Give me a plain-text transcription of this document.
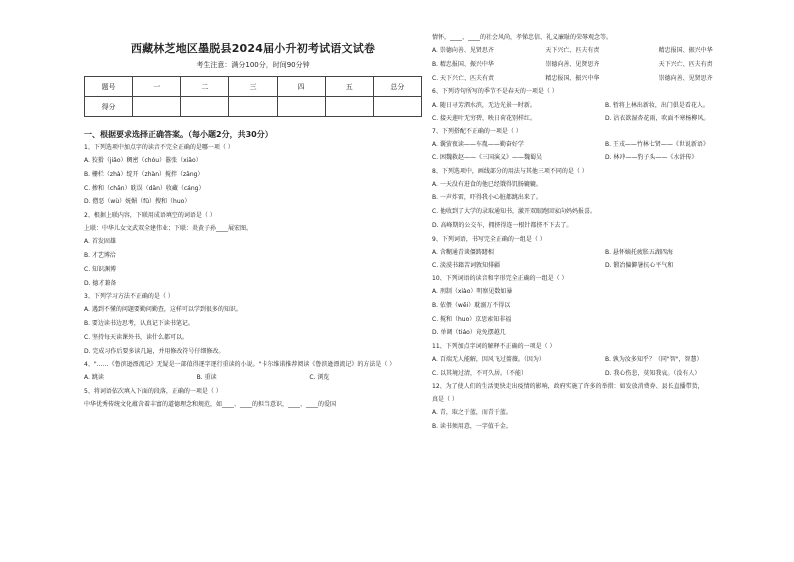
西藏林芝地区墨脱县2024届小升初考试语文试卷
考生注意：满分100分，时间90分钟
题号	一	二	三	四	五	总分
得分						
一、根据要求选择正确答案。（每小题2分，共30分）
1、下列选项中加点字的读音不完全正确的是哪一项（ ）
A. 狡猾（jiǎo）稠密（chóu）嚣张（xiāo）
B. 栅栏（zhà）绽开（zhàn）搅拌（zāng）
C. 掺和（chān）耽误（dān）收藏（cáng）
D. 僧恶（wù）妩媚（fǔ）搜和（huo）
2、根据上联内容，下联用成语填空的词语是（ ）
上联：中华儿女文武双全建伟业；下联：炎黄子孙____展宏图。
A. 首发固雄
B. 才艺博洽
C. 知识渊博
D. 德才兼备
3、下列学习方法不正确的是（ ）
A. 遇到不懂的问题要勤问勤查，这样可以学到很多的知识。
B. 要边读书边思考，认真记下读书笔记。
C. 坚持每天读课外书，读什么都可以。
D. 完成习作后要多读几遍，并用修改符号仔细修改。
4、"……《鲁滨逊漂流记》无疑是一部值得逐字逐行重读的小说。"卡尔维诺推荐阅读《鲁滨逊漂流记》的方法是（ ）
A. 跳读	B. 重读	C. 浏览
5、将词语依次填入下面的段落，正确的一项是（ ）
中华优秀传统文化蕴含着丰富的道德理念和规范，如____、____的担当意识，____、____的爱国
情怀，____、____的社会风尚，孝悌忠信、礼义廉耻的荣辱观念等。
A. 崇德向善、见贤思齐	天下兴亡、匹夫有责	精忠报国、振兴中华
B. 精忠报国、振兴中华	崇德向善、见贤思齐	天下兴亡、匹夫有责
C. 天下兴亡、匹夫有责	精忠报国、振兴中华	崇德向善、见贤思齐
6、下列诗句所写的季节不是春天的一项是（ ）
A. 随日寻芳泗水滨，无边光景一时新。	B. 暂将上林出新妆，出门俱是看花人。
C. 接天莲叶无穷碧，映日荷花别样红。	D. 沾衣欲湿杏花雨，吹面不寒杨柳风。
7、下列搭配不正确的一项是（ ）
A. 囊萤夜读——车胤——勤奋好学	B. 王戎——竹林七贤——《世说新语》
C. 困魏救赵——《三国演义》——魏蜀吴	D. 林冲——豹子头——《水浒传》
8、下列选项中，画线部分的用法与其他三项不同的是（ ）
A. 一天没有进食的他已经饿得饥肠辘辘。
B. 一声炸雷，吓得我小心脏都跳出来了。
C. 他收到了大学的录取通知书，激开双眼跑回家向妈妈报喜。
D. 高峰期的公交车，拥挤得连一根针都挤不下去了。
9、下列词语，书写完全正确的一组是（ ）
A. 含糊通青谈僵踌躇相	B. 悬怀嫡托疲胀五湖四海
C. 淡漠书籍苦词敦知排疆	D. 锻冶偏僻暑抗心平气和
10、下列词语的读音和字形完全正确的一组是（ ）
A. 刑制（xiào）明察见数如暴
B. 依偎（wēi）耽溺万不得以
C. 搅和（huo）京思索知非福
D. 单调（tiáo）竟免摆越几
11、下列加点字词的解释不正确的一项是（ ）
A. 百端无人能解，因风飞过蔷薇。（因为）	B. 孰为汝多知乎？（同"智"，智慧）
C. 以其境过清，不可久居。（不能）	D. 我心伤悲，莫知我哀。（没有人）
12、为了使人们的生活更快走出疫情的影响，政府实施了许多的举措：如发放消费券、县长直播带货，
真是（ ）
A. 青，取之于蓝，而青于蓝。
B. 读书须用意，一字值千金。
